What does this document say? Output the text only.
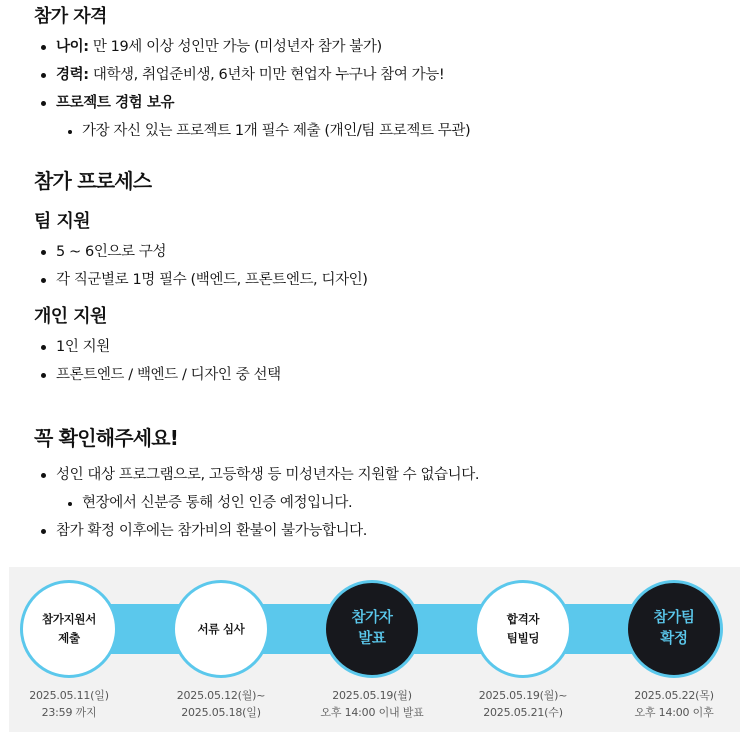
참가 자격
나이: 만 19세 이상 성인만 가능 (미성년자 참가 불가)
경력: 대학생, 취업준비생, 6년차 미만 현업자 누구나 참여 가능!
프로젝트 경험 보유
가장 자신 있는 프로젝트 1개 필수 제출 (개인/팀 프로젝트 무관)
참가 프로세스
팀 지원
5 ~ 6인으로 구성
각 직군별로 1명 필수 (백엔드, 프론트엔드, 디자인)
개인 지원
1인 지원
프론트엔드 / 백엔드 / 디자인 중 선택
꼭 확인해주세요!
성인 대상 프로그램으로, 고등학생 등 미성년자는 지원할 수 없습니다.
현장에서 신분증 통해 성인 인증 예정입니다.
참가 확정 이후에는 참가비의 환불이 불가능합니다.
참가지원서
제출
서류 심사
참가자
발표
합격자
팀빌딩
참가팀
확정
2025.05.11(일)
23:59 까지
2025.05.12(월)~
2025.05.18(일)
2025.05.19(월)
오후 14:00 이내 발표
2025.05.19(월)~
2025.05.21(수)
2025.05.22(목)
오후 14:00 이후
